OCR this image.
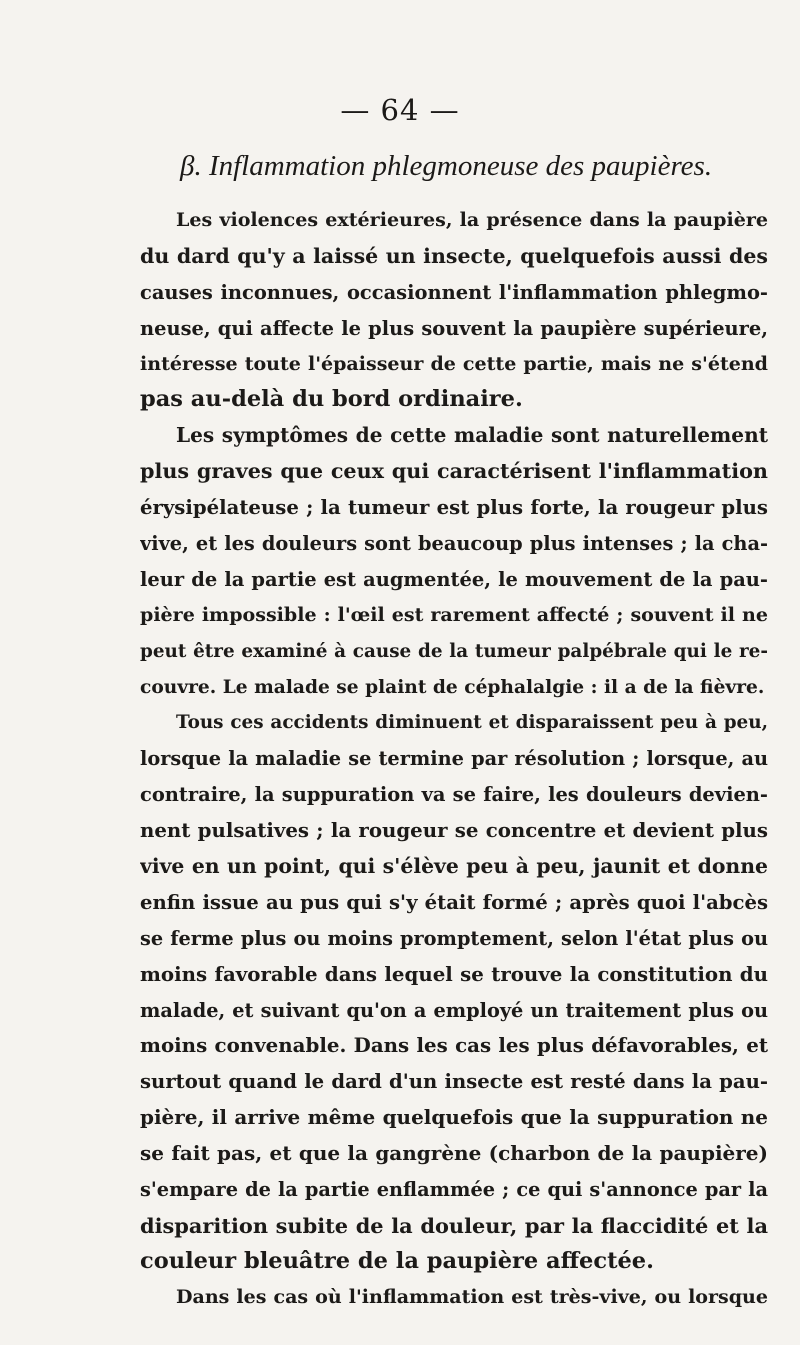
— 64 —
β. Inflammation phlegmoneuse des paupières.
Les violences extérieures, la présence dans la paupière
du dard qu'y a laissé un insecte, quelquefois aussi des
causes inconnues, occasionnent l'inflammation phlegmo-
neuse, qui affecte le plus souvent la paupière supérieure,
intéresse toute l'épaisseur de cette partie, mais ne s'étend
pas au-delà du bord ordinaire.
Les symptômes de cette maladie sont naturellement
plus graves que ceux qui caractérisent l'inflammation
érysipélateuse ; la tumeur est plus forte, la rougeur plus
vive, et les douleurs sont beaucoup plus intenses ; la cha-
leur de la partie est augmentée, le mouvement de la pau-
pière impossible : l'œil est rarement affecté ; souvent il ne
peut être examiné à cause de la tumeur palpébrale qui le re-
couvre. Le malade se plaint de céphalalgie : il a de la fièvre.
Tous ces accidents diminuent et disparaissent peu à peu,
lorsque la maladie se termine par résolution ; lorsque, au
contraire, la suppuration va se faire, les douleurs devien-
nent pulsatives ; la rougeur se concentre et devient plus
vive en un point, qui s'élève peu à peu, jaunit et donne
enfin issue au pus qui s'y était formé ; après quoi l'abcès
se ferme plus ou moins promptement, selon l'état plus ou
moins favorable dans lequel se trouve la constitution du
malade, et suivant qu'on a employé un traitement plus ou
moins convenable. Dans les cas les plus défavorables, et
surtout quand le dard d'un insecte est resté dans la pau-
pière, il arrive même quelquefois que la suppuration ne
se fait pas, et que la gangrène (charbon de la paupière)
s'empare de la partie enflammée ; ce qui s'annonce par la
disparition subite de la douleur, par la flaccidité et la
couleur bleuâtre de la paupière affectée.
Dans les cas où l'inflammation est très-vive, ou lorsque
